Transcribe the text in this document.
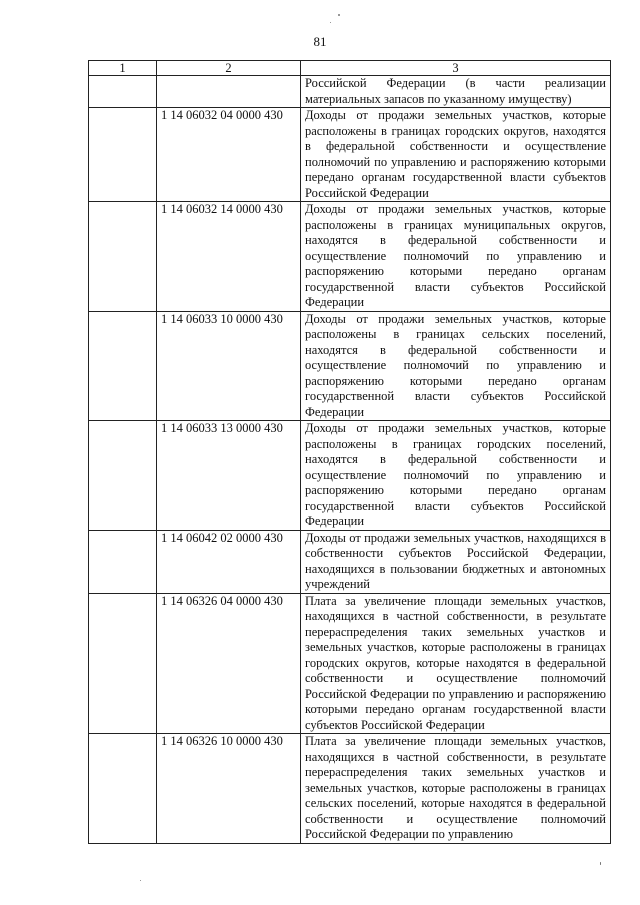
81
1	2	3
		Российской Федерации (в части реализации материальных запасов по указанному имуществу)
	1 14 06032 04 0000 430	Доходы от продажи земельных участков, которые расположены в границах городских округов, находятся в федеральной собственности и осуществление полномочий по управлению и распоряжению которыми передано органам государственной власти субъектов Российской Федерации
	1 14 06032 14 0000 430	Доходы от продажи земельных участков, которые расположены в границах муниципальных округов, находятся в федеральной собственности и осуществление полномочий по управлению и распоряжению которыми передано органам государственной власти субъектов Российской Федерации
	1 14 06033 10 0000 430	Доходы от продажи земельных участков, которые расположены в границах сельских поселений, находятся в федеральной собственности и осуществление полномочий по управлению и распоряжению которыми передано органам государственной власти субъектов Российской Федерации
	1 14 06033 13 0000 430	Доходы от продажи земельных участков, которые расположены в границах городских поселений, находятся в федеральной собственности и осуществление полномочий по управлению и распоряжению которыми передано органам государственной власти субъектов Российской Федерации
	1 14 06042 02 0000 430	Доходы от продажи земельных участков, находящихся в собственности субъектов Российской Федерации, находящихся в пользовании бюджетных и автономных учреждений
	1 14 06326 04 0000 430	Плата за увеличение площади земельных участков, находящихся в частной собственности, в результате перераспределения таких земельных участков и земельных участков, которые расположены в границах городских округов, которые находятся в федеральной собственности и осуществление полномочий Российской Федерации по управлению и распоряжению которыми передано органам государственной власти субъектов Российской Федерации
	1 14 06326 10 0000 430	Плата за увеличение площади земельных участков, находящихся в частной собственности, в результате перераспределения таких земельных участков и земельных участков, которые расположены в границах сельских поселений, которые находятся в федеральной собственности и осуществление полномочий Российской Федерации по управлению
